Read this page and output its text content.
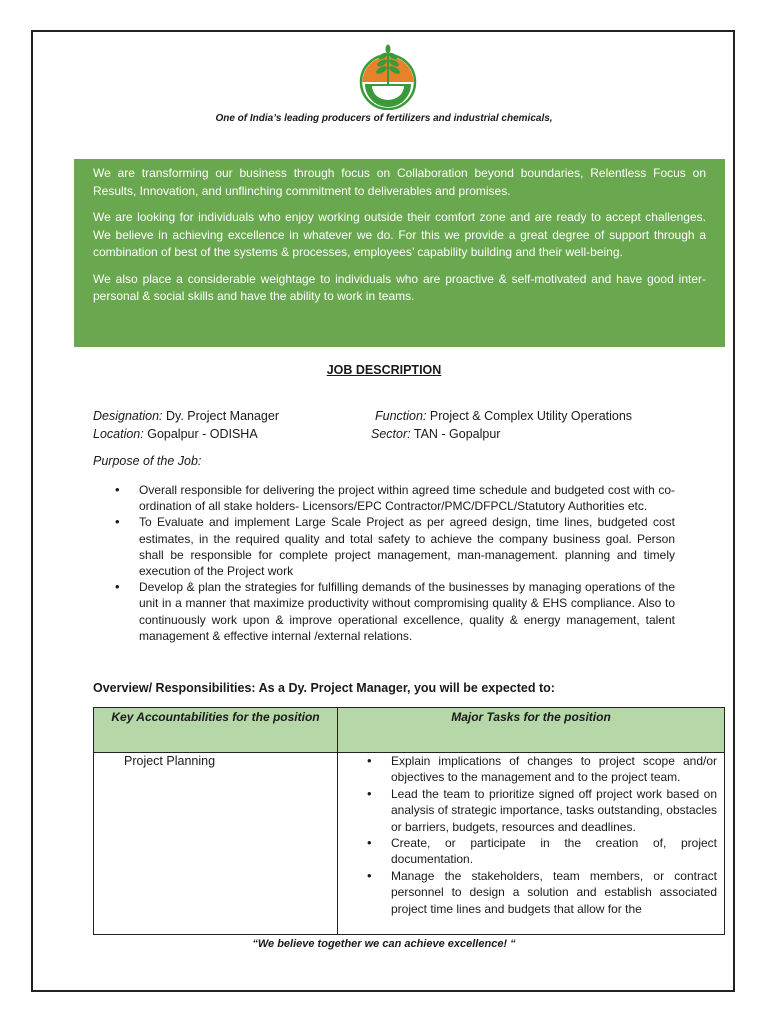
One of India’s leading producers of fertilizers and industrial chemicals,

We are transforming our business through focus on Collaboration beyond boundaries, Relentless Focus on Results, Innovation, and unflinching commitment to deliverables and promises.

We are looking for individuals who enjoy working outside their comfort zone and are ready to accept challenges. We believe in achieving excellence in whatever we do. For this we provide a great degree of support through a combination of best of the systems & processes, employees’ capability building and their well-being.

We also place a considerable weightage to individuals who are proactive & self-motivated and have good inter-personal & social skills and have the ability to work in teams.

JOB DESCRIPTION
Designation: Dy. Project Manager	Function: Project & Complex Utility Operations
Location: Gopalpur - ODISHA	Sector: TAN - Gopalpur
Purpose of the Job:
• Overall responsible for delivering the project within agreed time schedule and budgeted cost with co-ordination of all stake holders- Licensors/EPC Contractor/PMC/DFPCL/Statutory Authorities etc.
• To Evaluate and implement Large Scale Project as per agreed design, time lines, budgeted cost estimates, in the required quality and total safety to achieve the company business goal. Person shall be responsible for complete project management, man-management. planning and timely execution of the Project work
• Develop & plan the strategies for fulfilling demands of the businesses by managing operations of the unit in a manner that maximize productivity without compromising quality & EHS compliance. Also to continuously work upon & improve operational excellence, quality & energy management, talent management & effective internal /external relations.
Overview/ Responsibilities: As a Dy. Project Manager, you will be expected to:
Key Accountabilities for the position	Major Tasks for the position
Project Planning	• Explain implications of changes to project scope and/or objectives to the management and to the project team.
• Lead the team to prioritize signed off project work based on analysis of strategic importance, tasks outstanding, obstacles or barriers, budgets, resources and deadlines.
• Create, or participate in the creation of, project documentation.
• Manage the stakeholders, team members, or contract personnel to design a solution and establish associated project time lines and budgets that allow for the
“We believe together we can achieve excellence! “
